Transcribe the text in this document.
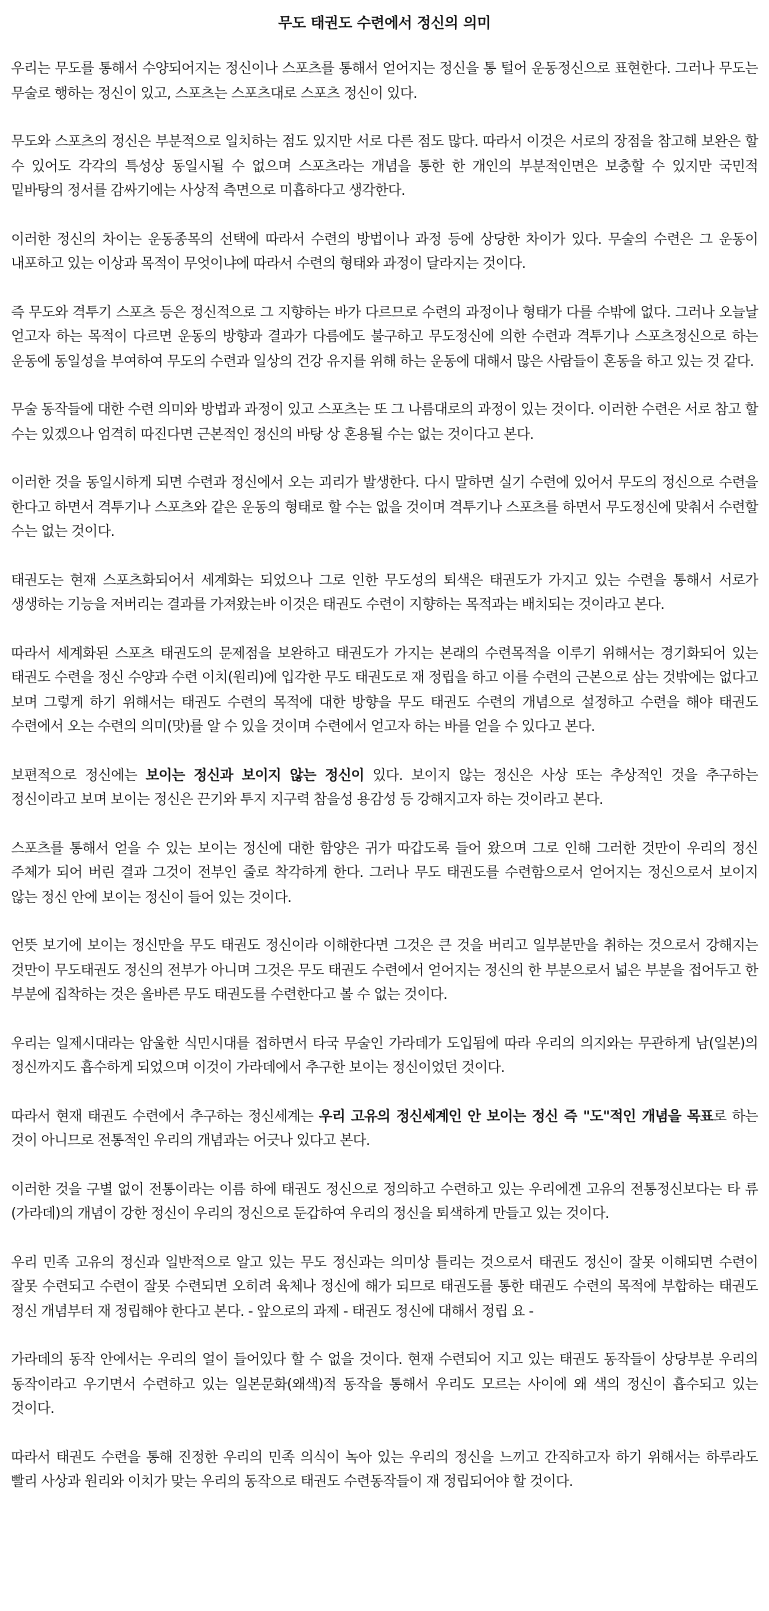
무도 태권도 수련에서 정신의 의미

우리는 무도를 통해서 수양되어지는 정신이나 스포츠를 통해서 얻어지는 정신을 통 털어 운동정신으로 표현한다. 그러나 무도는 무술로 행하는 정신이 있고, 스포츠는 스포츠대로 스포츠 정신이 있다.

무도와 스포츠의 정신은 부분적으로 일치하는 점도 있지만 서로 다른 점도 많다. 따라서 이것은 서로의 장점을 참고해 보완은 할 수 있어도 각각의 특성상 동일시될 수 없으며 스포츠라는 개념을 통한 한 개인의 부분적인면은 보충할 수 있지만 국민적 밑바탕의 정서를 감싸기에는 사상적 측면으로 미흡하다고 생각한다.

이러한 정신의 차이는 운동종목의 선택에 따라서 수련의 방법이나 과정 등에 상당한 차이가 있다. 무술의 수련은 그 운동이 내포하고 있는 이상과 목적이 무엇이냐에 따라서 수련의 형태와 과정이 달라지는 것이다.

즉 무도와 격투기 스포츠 등은 정신적으로 그 지향하는 바가 다르므로 수련의 과정이나 형태가 다를 수밖에 없다. 그러나 오늘날 얻고자 하는 목적이 다르면 운동의 방향과 결과가 다름에도 불구하고 무도정신에 의한 수련과 격투기나 스포츠정신으로 하는 운동에 동일성을 부여하여 무도의 수련과 일상의 건강 유지를 위해 하는 운동에 대해서 많은 사람들이 혼동을 하고 있는 것 같다.

무술 동작들에 대한 수련 의미와 방법과 과정이 있고 스포츠는 또 그 나름대로의 과정이 있는 것이다. 이러한 수련은 서로 참고 할 수는 있겠으나 엄격히 따진다면 근본적인 정신의 바탕 상 혼용될 수는 없는 것이다고 본다.

이러한 것을 동일시하게 되면 수련과 정신에서 오는 괴리가 발생한다. 다시 말하면 실기 수련에 있어서 무도의 정신으로 수련을 한다고 하면서 격투기나 스포츠와 같은 운동의 형태로 할 수는 없을 것이며 격투기나 스포츠를 하면서 무도정신에 맞춰서 수련할 수는 없는 것이다.

태권도는 현재 스포츠화되어서 세계화는 되었으나 그로 인한 무도성의 퇴색은 태권도가 가지고 있는 수련을 통해서 서로가 생생하는 기능을 저버리는 결과를 가져왔는바 이것은 태권도 수련이 지향하는 목적과는 배치되는 것이라고 본다.

따라서 세계화된 스포츠 태권도의 문제점을 보완하고 태권도가 가지는 본래의 수련목적을 이루기 위해서는 경기화되어 있는 태권도 수련을 정신 수양과 수련 이치(원리)에 입각한 무도 태권도로 재 정립을 하고 이를 수련의 근본으로 삼는 것밖에는 없다고 보며 그렇게 하기 위해서는 태권도 수련의 목적에 대한 방향을 무도 태권도 수련의 개념으로 설정하고 수련을 해야 태권도 수련에서 오는 수련의 의미(맛)를 알 수 있을 것이며 수련에서 얻고자 하는 바를 얻을 수 있다고 본다.

보편적으로 정신에는 보이는 정신과 보이지 않는 정신이 있다. 보이지 않는 정신은 사상 또는 추상적인 것을 추구하는 정신이라고 보며 보이는 정신은 끈기와 투지 지구력 참을성 용감성 등 강해지고자 하는 것이라고 본다.

스포츠를 통해서 얻을 수 있는 보이는 정신에 대한 함양은 귀가 따갑도록 들어 왔으며 그로 인해 그러한 것만이 우리의 정신 주체가 되어 버린 결과 그것이 전부인 줄로 착각하게 한다. 그러나 무도 태권도를 수련함으로서 얻어지는 정신으로서 보이지 않는 정신 안에 보이는 정신이 들어 있는 것이다.

언뜻 보기에 보이는 정신만을 무도 태권도 정신이라 이해한다면 그것은 큰 것을 버리고 일부분만을 취하는 것으로서 강해지는 것만이 무도태권도 정신의 전부가 아니며 그것은 무도 태권도 수련에서 얻어지는 정신의 한 부분으로서 넓은 부분을 접어두고 한 부분에 집착하는 것은 올바른 무도 태권도를 수련한다고 볼 수 없는 것이다.

우리는 일제시대라는 암울한 식민시대를 접하면서 타국 무술인 가라데가 도입됨에 따라 우리의 의지와는 무관하게 남(일본)의 정신까지도 흡수하게 되었으며 이것이 가라데에서 추구한 보이는 정신이었던 것이다.

따라서 현재 태권도 수련에서 추구하는 정신세계는 우리 고유의 정신세계인 안 보이는 정신 즉 "도"적인 개념을 목표로 하는 것이 아니므로 전통적인 우리의 개념과는 어긋나 있다고 본다.

이러한 것을 구별 없이 전통이라는 이름 하에 태권도 정신으로 정의하고 수련하고 있는 우리에겐 고유의 전통정신보다는 타 류(가라데)의 개념이 강한 정신이 우리의 정신으로 둔갑하여 우리의 정신을 퇴색하게 만들고 있는 것이다.

우리 민족 고유의 정신과 일반적으로 알고 있는 무도 정신과는 의미상 틀리는 것으로서 태권도 정신이 잘못 이해되면 수련이 잘못 수련되고 수련이 잘못 수련되면 오히려 육체나 정신에 해가 되므로 태권도를 통한 태권도 수련의 목적에 부합하는 태권도 정신 개념부터 재 정립해야 한다고 본다. - 앞으로의 과제 - 태권도 정신에 대해서 정립 요 -

가라데의 동작 안에서는 우리의 얼이 들어있다 할 수 없을 것이다. 현재 수련되어 지고 있는 태권도 동작들이 상당부분 우리의 동작이라고 우기면서 수련하고 있는 일본문화(왜색)적 동작을 통해서 우리도 모르는 사이에 왜 색의 정신이 흡수되고 있는 것이다.

따라서 태권도 수련을 통해 진정한 우리의 민족 의식이 녹아 있는 우리의 정신을 느끼고 간직하고자 하기 위해서는 하루라도 빨리 사상과 원리와 이치가 맞는 우리의 동작으로 태권도 수련동작들이 재 정립되어야 할 것이다.
